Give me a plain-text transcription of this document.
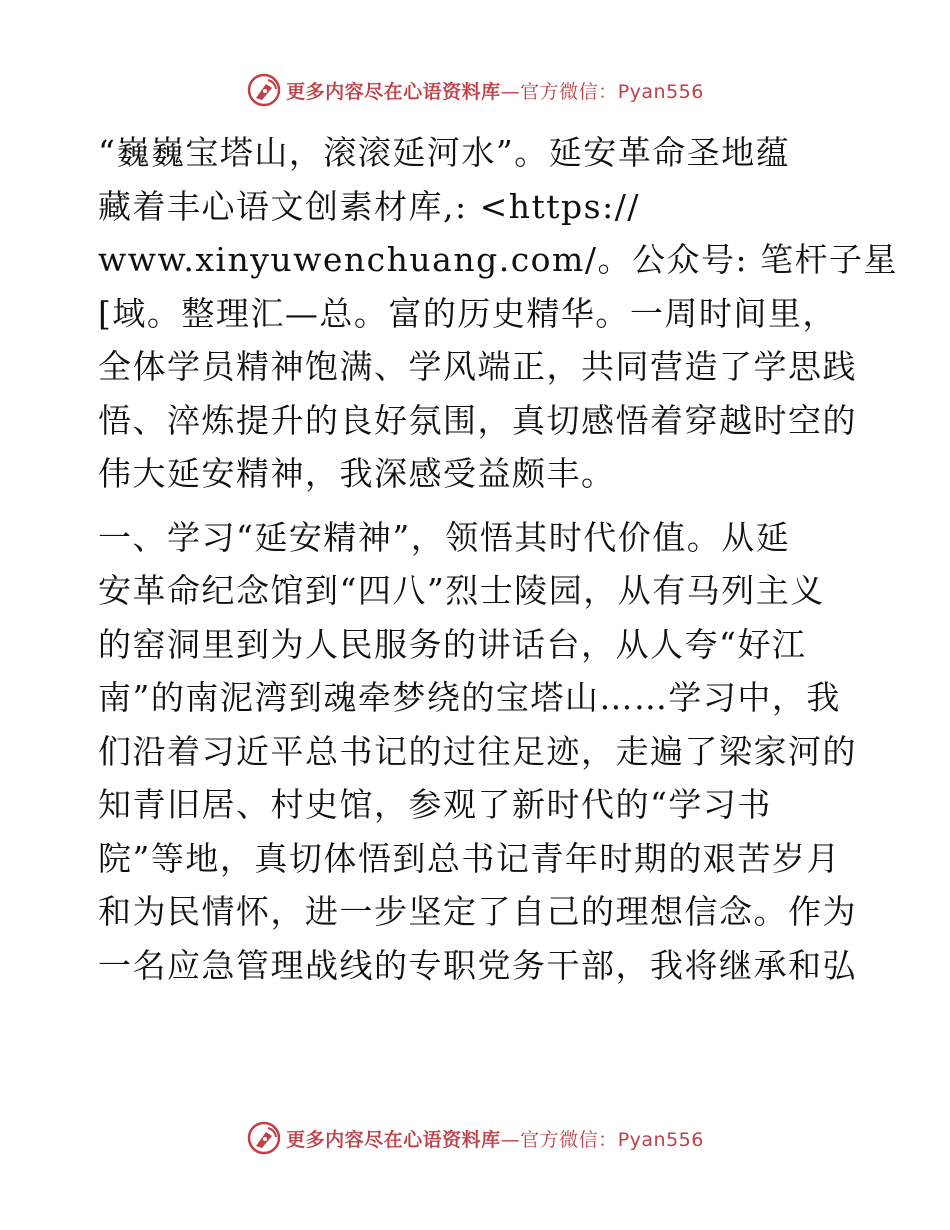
更多内容尽在心语资料库—官方微信：Pyan556

“巍巍宝塔山，滚滚延河水”。延安革命圣地蕴
藏着丰心语文创素材库,: <https://
www.xinyuwenchuang.com/。公众号: 笔杆子星
[域。整理汇—总。富的历史精华。一周时间里，
全体学员精神饱满、学风端正，共同营造了学思践
悟、淬炼提升的良好氛围，真切感悟着穿越时空的
伟大延安精神，我深感受益颇丰。

一、学习“延安精神”，领悟其时代价值。从延
安革命纪念馆到“四八”烈士陵园，从有马列主义
的窑洞里到为人民服务的讲话台，从人夸“好江
南”的南泥湾到魂牵梦绕的宝塔山……学习中，我
们沿着习近平总书记的过往足迹，走遍了梁家河的
知青旧居、村史馆，参观了新时代的“学习书
院”等地，真切体悟到总书记青年时期的艰苦岁月
和为民情怀，进一步坚定了自己的理想信念。作为
一名应急管理战线的专职党务干部，我将继承和弘

更多内容尽在心语资料库—官方微信：Pyan556
